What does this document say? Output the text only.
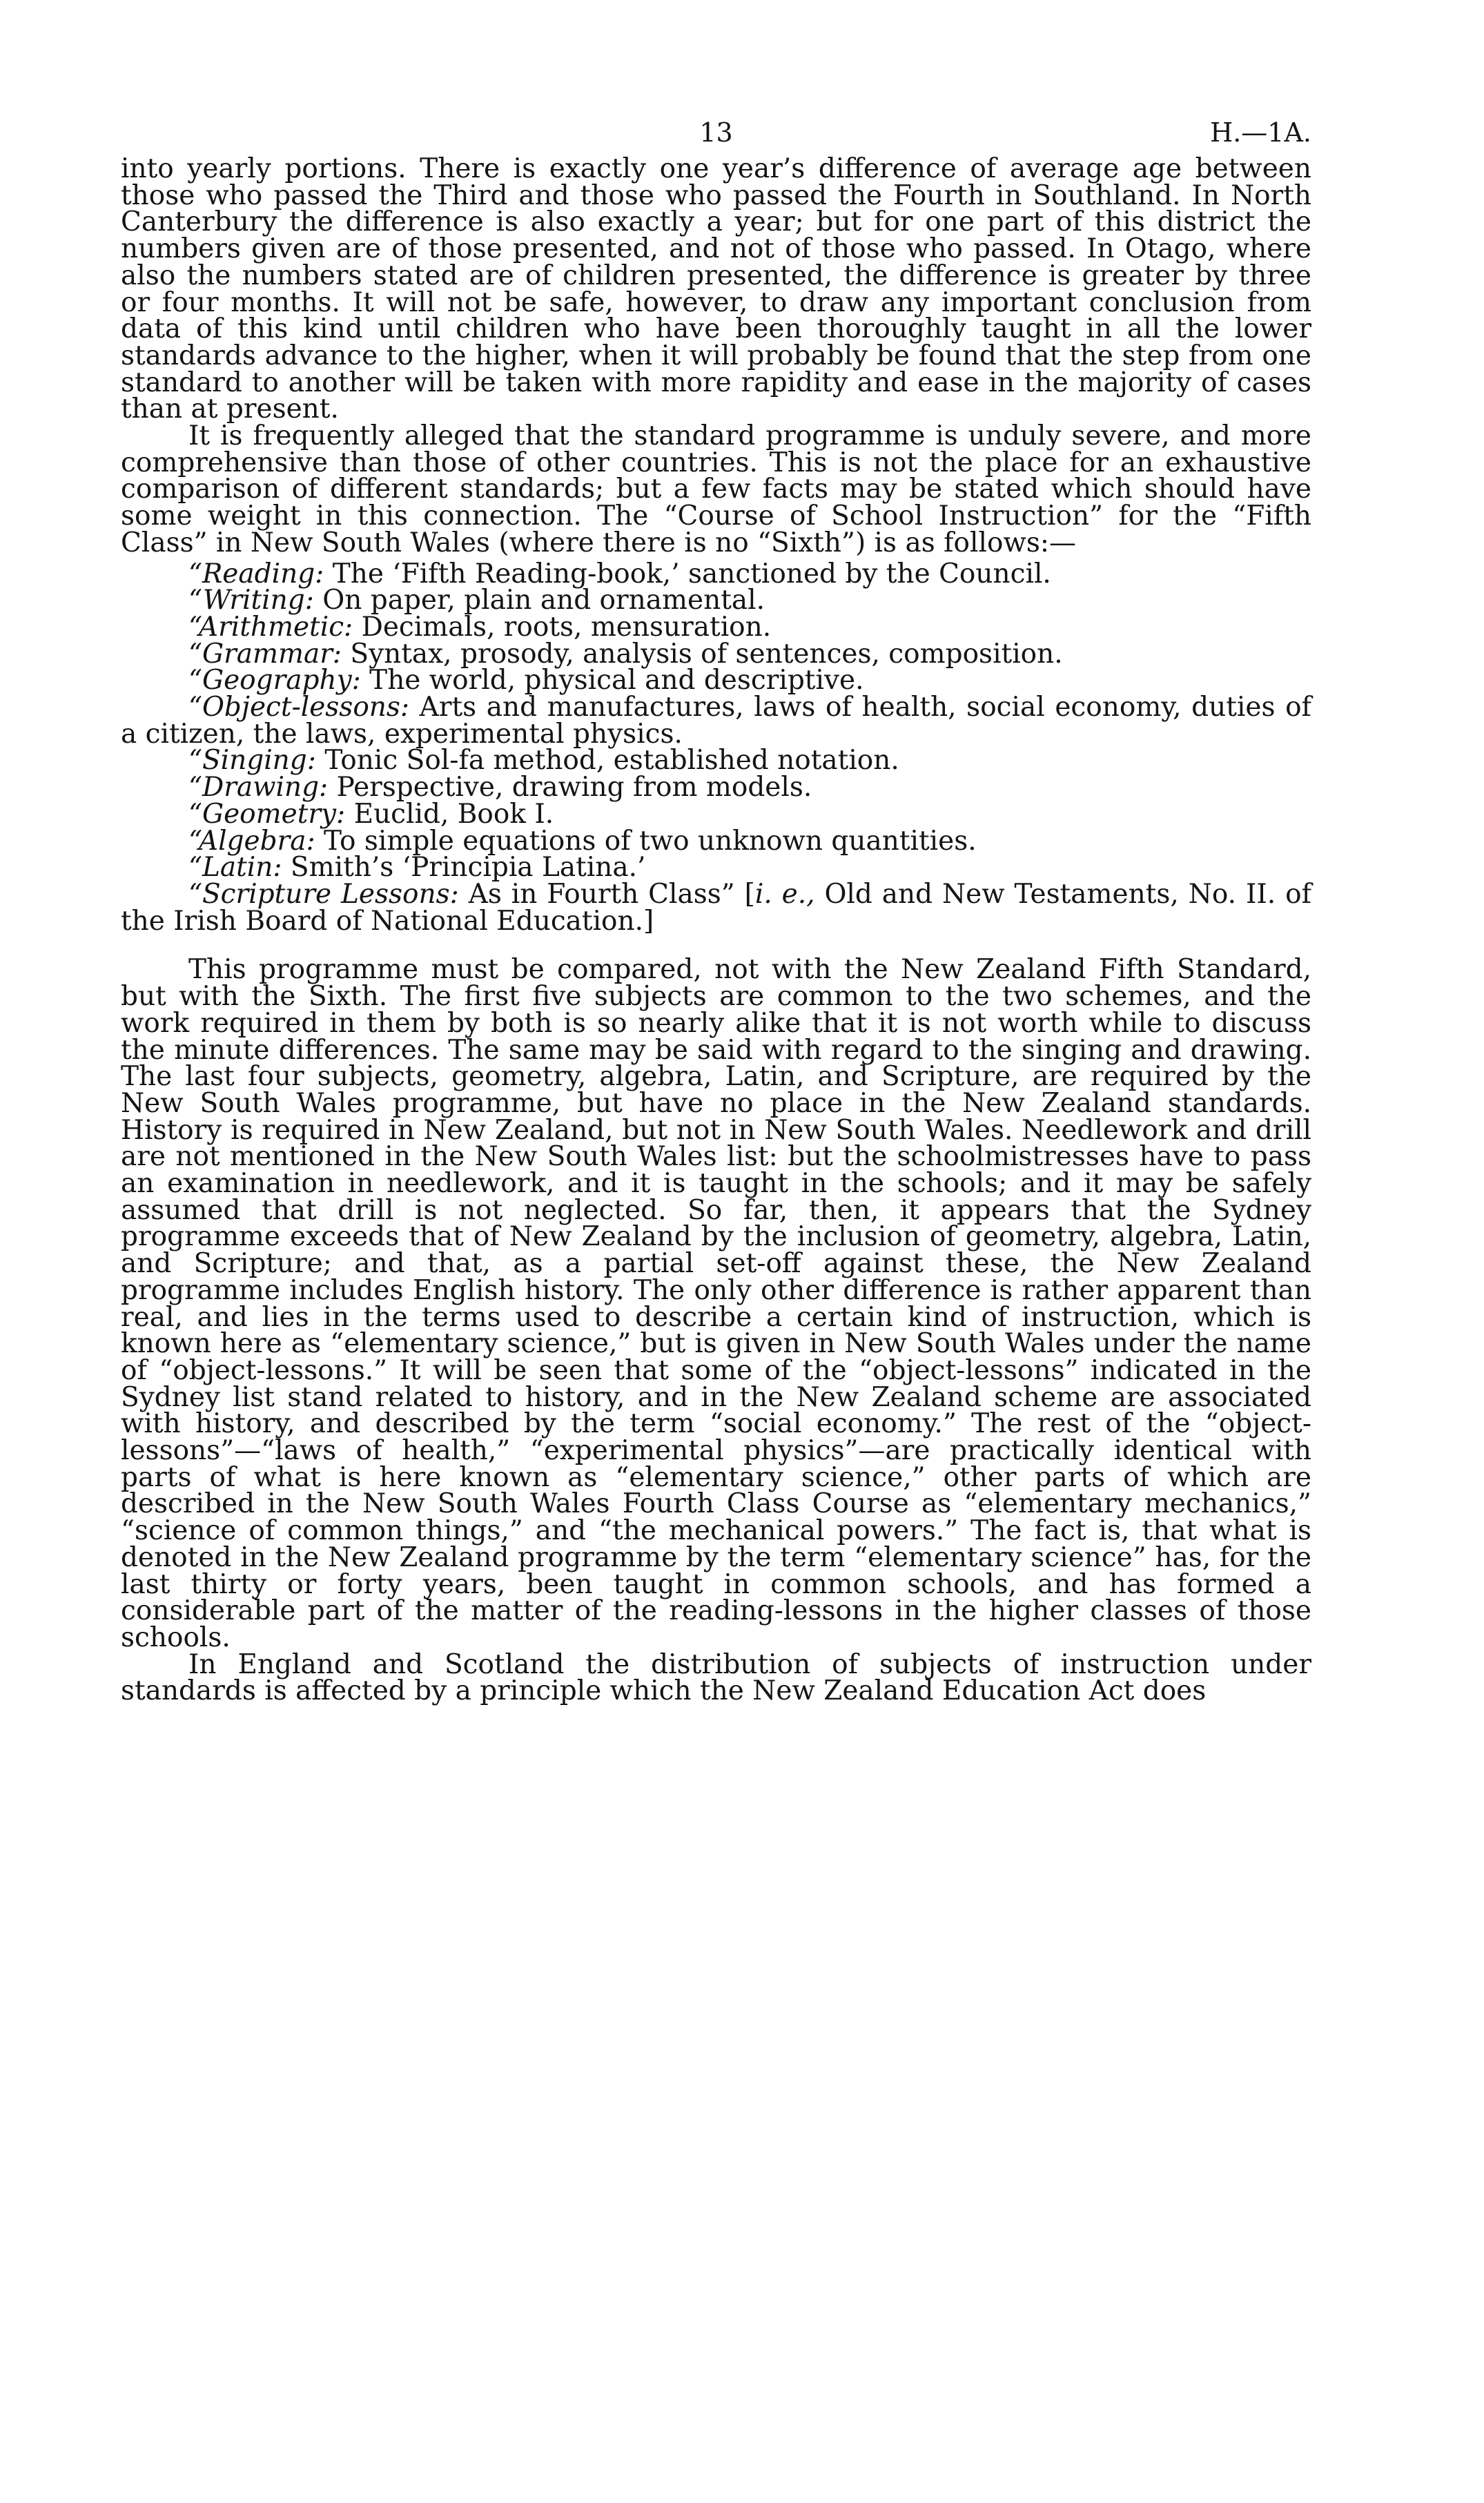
13	H.—1A.

into yearly portions. There is exactly one year’s difference of average age between those who passed the Third and those who passed the Fourth in Southland. In North Canterbury the difference is also exactly a year; but for one part of this district the numbers given are of those presented, and not of those who passed. In Otago, where also the numbers stated are of children presented, the difference is greater by three or four months. It will not be safe, however, to draw any important conclusion from data of this kind until children who have been thoroughly taught in all the lower standards advance to the higher, when it will probably be found that the step from one standard to another will be taken with more rapidity and ease in the majority of cases than at present.

It is frequently alleged that the standard programme is unduly severe, and more comprehensive than those of other countries. This is not the place for an exhaustive comparison of different standards; but a few facts may be stated which should have some weight in this connection. The “Course of School Instruction” for the “Fifth Class” in New South Wales (where there is no “Sixth”) is as follows:—

“Reading: The ‘Fifth Reading-book,’ sanctioned by the Council.
“Writing: On paper, plain and ornamental.
“Arithmetic: Decimals, roots, mensuration.
“Grammar: Syntax, prosody, analysis of sentences, composition.
“Geography: The world, physical and descriptive.
“Object-lessons: Arts and manufactures, laws of health, social economy, duties of a citizen, the laws, experimental physics.
“Singing: Tonic Sol-fa method, established notation.
“Drawing: Perspective, drawing from models.
“Geometry: Euclid, Book I.
“Algebra: To simple equations of two unknown quantities.
“Latin: Smith’s ‘Principia Latina.’
“Scripture Lessons: As in Fourth Class” [i. e., Old and New Testaments, No. II. of the Irish Board of National Education.]

This programme must be compared, not with the New Zealand Fifth Standard, but with the Sixth. The first five subjects are common to the two schemes, and the work required in them by both is so nearly alike that it is not worth while to discuss the minute differences. The same may be said with regard to the singing and drawing. The last four subjects, geometry, algebra, Latin, and Scripture, are required by the New South Wales programme, but have no place in the New Zealand standards. History is required in New Zealand, but not in New South Wales. Needlework and drill are not mentioned in the New South Wales list: but the schoolmistresses have to pass an examination in needlework, and it is taught in the schools; and it may be safely assumed that drill is not neglected. So far, then, it appears that the Sydney programme exceeds that of New Zealand by the inclusion of geometry, algebra, Latin, and Scripture; and that, as a partial set-off against these, the New Zealand programme includes English history. The only other difference is rather apparent than real, and lies in the terms used to describe a certain kind of instruction, which is known here as “elementary science,” but is given in New South Wales under the name of “object-lessons.” It will be seen that some of the “object-lessons” indicated in the Sydney list stand related to history, and in the New Zealand scheme are associated with history, and described by the term “social economy.” The rest of the “object-lessons”—“laws of health,” “experimental physics”—are practically identical with parts of what is here known as “elementary science,” other parts of which are described in the New South Wales Fourth Class Course as “elementary mechanics,” “science of common things,” and “the mechanical powers.” The fact is, that what is denoted in the New Zealand programme by the term “elementary science” has, for the last thirty or forty years, been taught in common schools, and has formed a considerable part of the matter of the reading-lessons in the higher classes of those schools.

In England and Scotland the distribution of subjects of instruction under standards is affected by a principle which the New Zealand Education Act does
